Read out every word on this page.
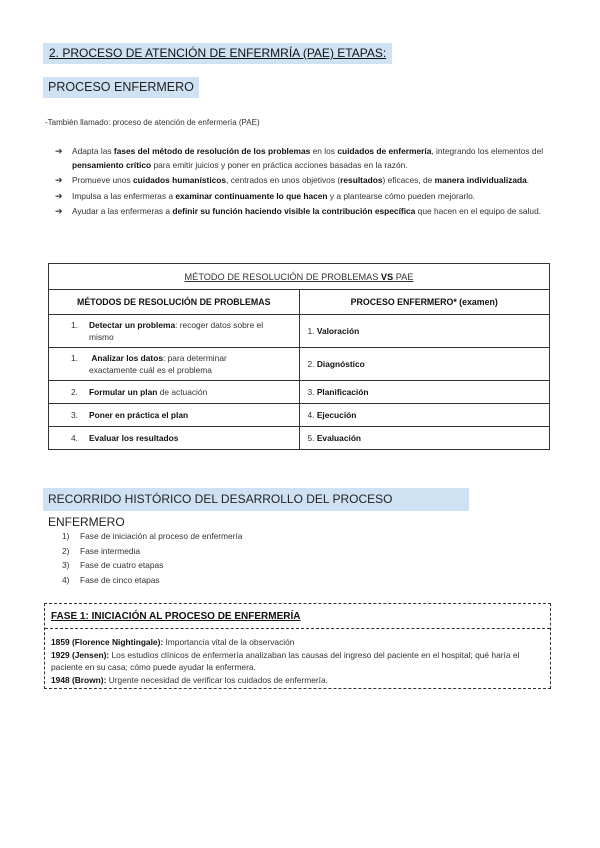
2. PROCESO DE ATENCIÓN DE ENFERMRÍA (PAE) ETAPAS:
PROCESO ENFERMERO
-También llamado: proceso de atención de enfermería (PAE)
➔ Adapta las fases del método de resolución de los problemas en los cuidados de enfermería, integrando los elementos del pensamiento crítico para emitir juicios y poner en práctica acciones basadas en la razón.
➔ Promueve unos cuidados humanísticos, centrados en unos objetivos (resultados) eficaces, de manera individualizada.
➔ Impulsa a las enfermeras a examinar continuamente lo que hacen y a plantearse cómo pueden mejorarlo.
➔ Ayudar a las enfermeras a definir su función haciendo visible la contribución específica que hacen en el equipo de salud.
MÉTODO DE RESOLUCIÓN DE PROBLEMAS VS PAE	
MÉTODOS DE RESOLUCIÓN DE PROBLEMAS	PROCESO ENFERMERO* (examen)
1. Detectar un problema: recoger datos sobre el
mismo	1. Valoración
1. Analizar los datos: para determinar
exactamente cuál es el problema	2. Diagnóstico
2. Formular un plan de actuación	3. Planificación
3. Poner en práctica el plan	4. Ejecución
4. Evaluar los resultados	5. Evaluación
RECORRIDO HISTÓRICO DEL DESARROLLO DEL PROCESO ENFERMERO
1) Fase de iniciación al proceso de enfermería
2) Fase intermedia
3) Fase de cuatro etapas
4) Fase de cinco etapas
FASE 1: INICIACIÓN AL PROCESO DE ENFERMERÍA

1859 (Florence Nightingale): Importancia vital de la observación

1929 (Jensen): Los estudios clínicos de enfermería analizaban las causas del ingreso del paciente en el hospital; qué haría el paciente en su casa; cómo puede ayudar la enfermera.

1948 (Brown): Urgente necesidad de verificar los cuidados de enfermería.
